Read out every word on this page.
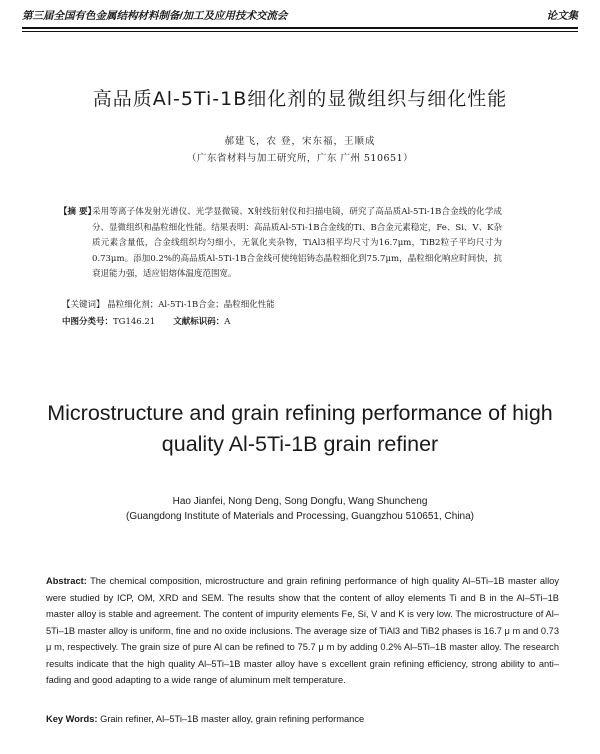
第三届全国有色金属结构材料制备/加工及应用技术交流会	论文集
高品质Al-5Ti-1B细化剂的显微组织与细化性能
郝建飞，农 登，宋东福，王顺成
（广东省材料与加工研究所，广东 广州 510651）
【摘 要】
采用等离子体发射光谱仪、光学显微镜、X射线衍射仪和扫描电镜，研究了高品质Al-5Ti-1B合金线的化学成分、显微组织和晶粒细化性能。结果表明：高品质Al-5Ti-1B合金线的Ti、B合金元素稳定，Fe、Si、V、K杂质元素含量低，合金线组织均匀细小，无氧化夹杂物，TiAl3相平均尺寸为16.7μm，TiB2粒子平均尺寸为0.73μm。添加0.2%的高品质Al-5Ti-1B合金线可使纯铝铸态晶粒细化到75.7μm，晶粒细化响应时间快，抗衰退能力强，适应铝熔体温度范围宽。
【关键词】 晶粒细化剂；Al-5Ti-1B合金；晶粒细化性能
中图分类号：TG146.21 文献标识码：A
Microstructure and grain refining performance of high quality Al-5Ti-1B grain refiner
Hao Jianfei, Nong Deng, Song Dongfu, Wang Shuncheng
(Guangdong Institute of Materials and Processing, Guangzhou 510651, China)
Abstract: The chemical composition, microstructure and grain refining performance of high quality Al–5Ti–1B master alloy were studied by ICP, OM, XRD and SEM. The results show that the content of alloy elements Ti and B in the Al–5Ti–1B master alloy is stable and agreement. The content of impurity elements Fe, Si, V and K is very low. The microstructure of Al–5Ti–1B master alloy is uniform, fine and no oxide inclusions. The average size of TiAl3 and TiB2 phases is 16.7 μ m and 0.73 μ m, respectively. The grain size of pure Al can be refined to 75.7 μ m by adding 0.2% Al–5Ti–1B master alloy. The research results indicate that the high quality Al–5Ti–1B master alloy have s excellent grain refining efficiency, strong ability to anti–fading and good adapting to a wide range of aluminum melt temperature.
Key Words: Grain refiner, Al–5Ti–1B master alloy, grain refining performance
